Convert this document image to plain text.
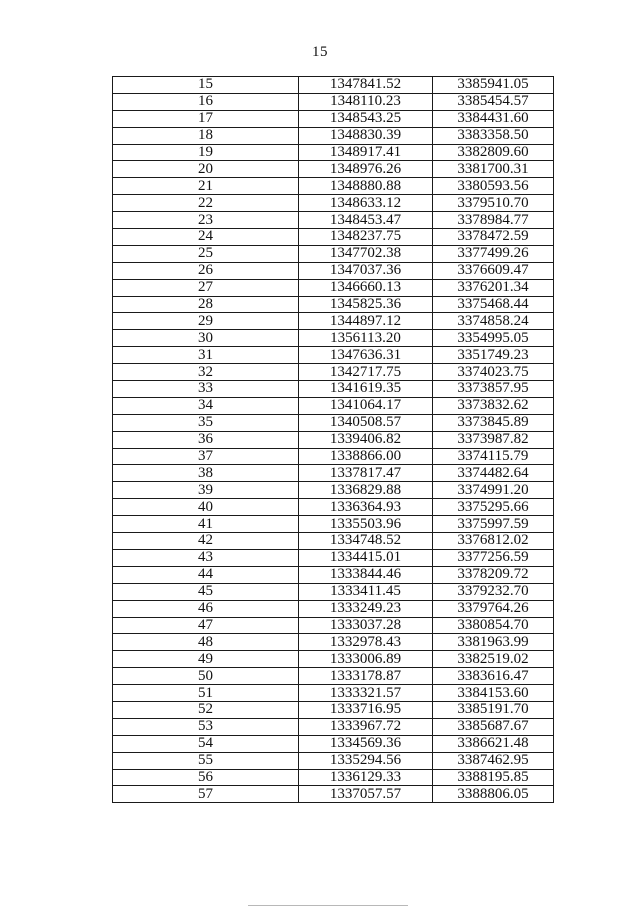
15
15	1347841.52	3385941.05
16	1348110.23	3385454.57
17	1348543.25	3384431.60
18	1348830.39	3383358.50
19	1348917.41	3382809.60
20	1348976.26	3381700.31
21	1348880.88	3380593.56
22	1348633.12	3379510.70
23	1348453.47	3378984.77
24	1348237.75	3378472.59
25	1347702.38	3377499.26
26	1347037.36	3376609.47
27	1346660.13	3376201.34
28	1345825.36	3375468.44
29	1344897.12	3374858.24
30	1356113.20	3354995.05
31	1347636.31	3351749.23
32	1342717.75	3374023.75
33	1341619.35	3373857.95
34	1341064.17	3373832.62
35	1340508.57	3373845.89
36	1339406.82	3373987.82
37	1338866.00	3374115.79
38	1337817.47	3374482.64
39	1336829.88	3374991.20
40	1336364.93	3375295.66
41	1335503.96	3375997.59
42	1334748.52	3376812.02
43	1334415.01	3377256.59
44	1333844.46	3378209.72
45	1333411.45	3379232.70
46	1333249.23	3379764.26
47	1333037.28	3380854.70
48	1332978.43	3381963.99
49	1333006.89	3382519.02
50	1333178.87	3383616.47
51	1333321.57	3384153.60
52	1333716.95	3385191.70
53	1333967.72	3385687.67
54	1334569.36	3386621.48
55	1335294.56	3387462.95
56	1336129.33	3388195.85
57	1337057.57	3388806.05
